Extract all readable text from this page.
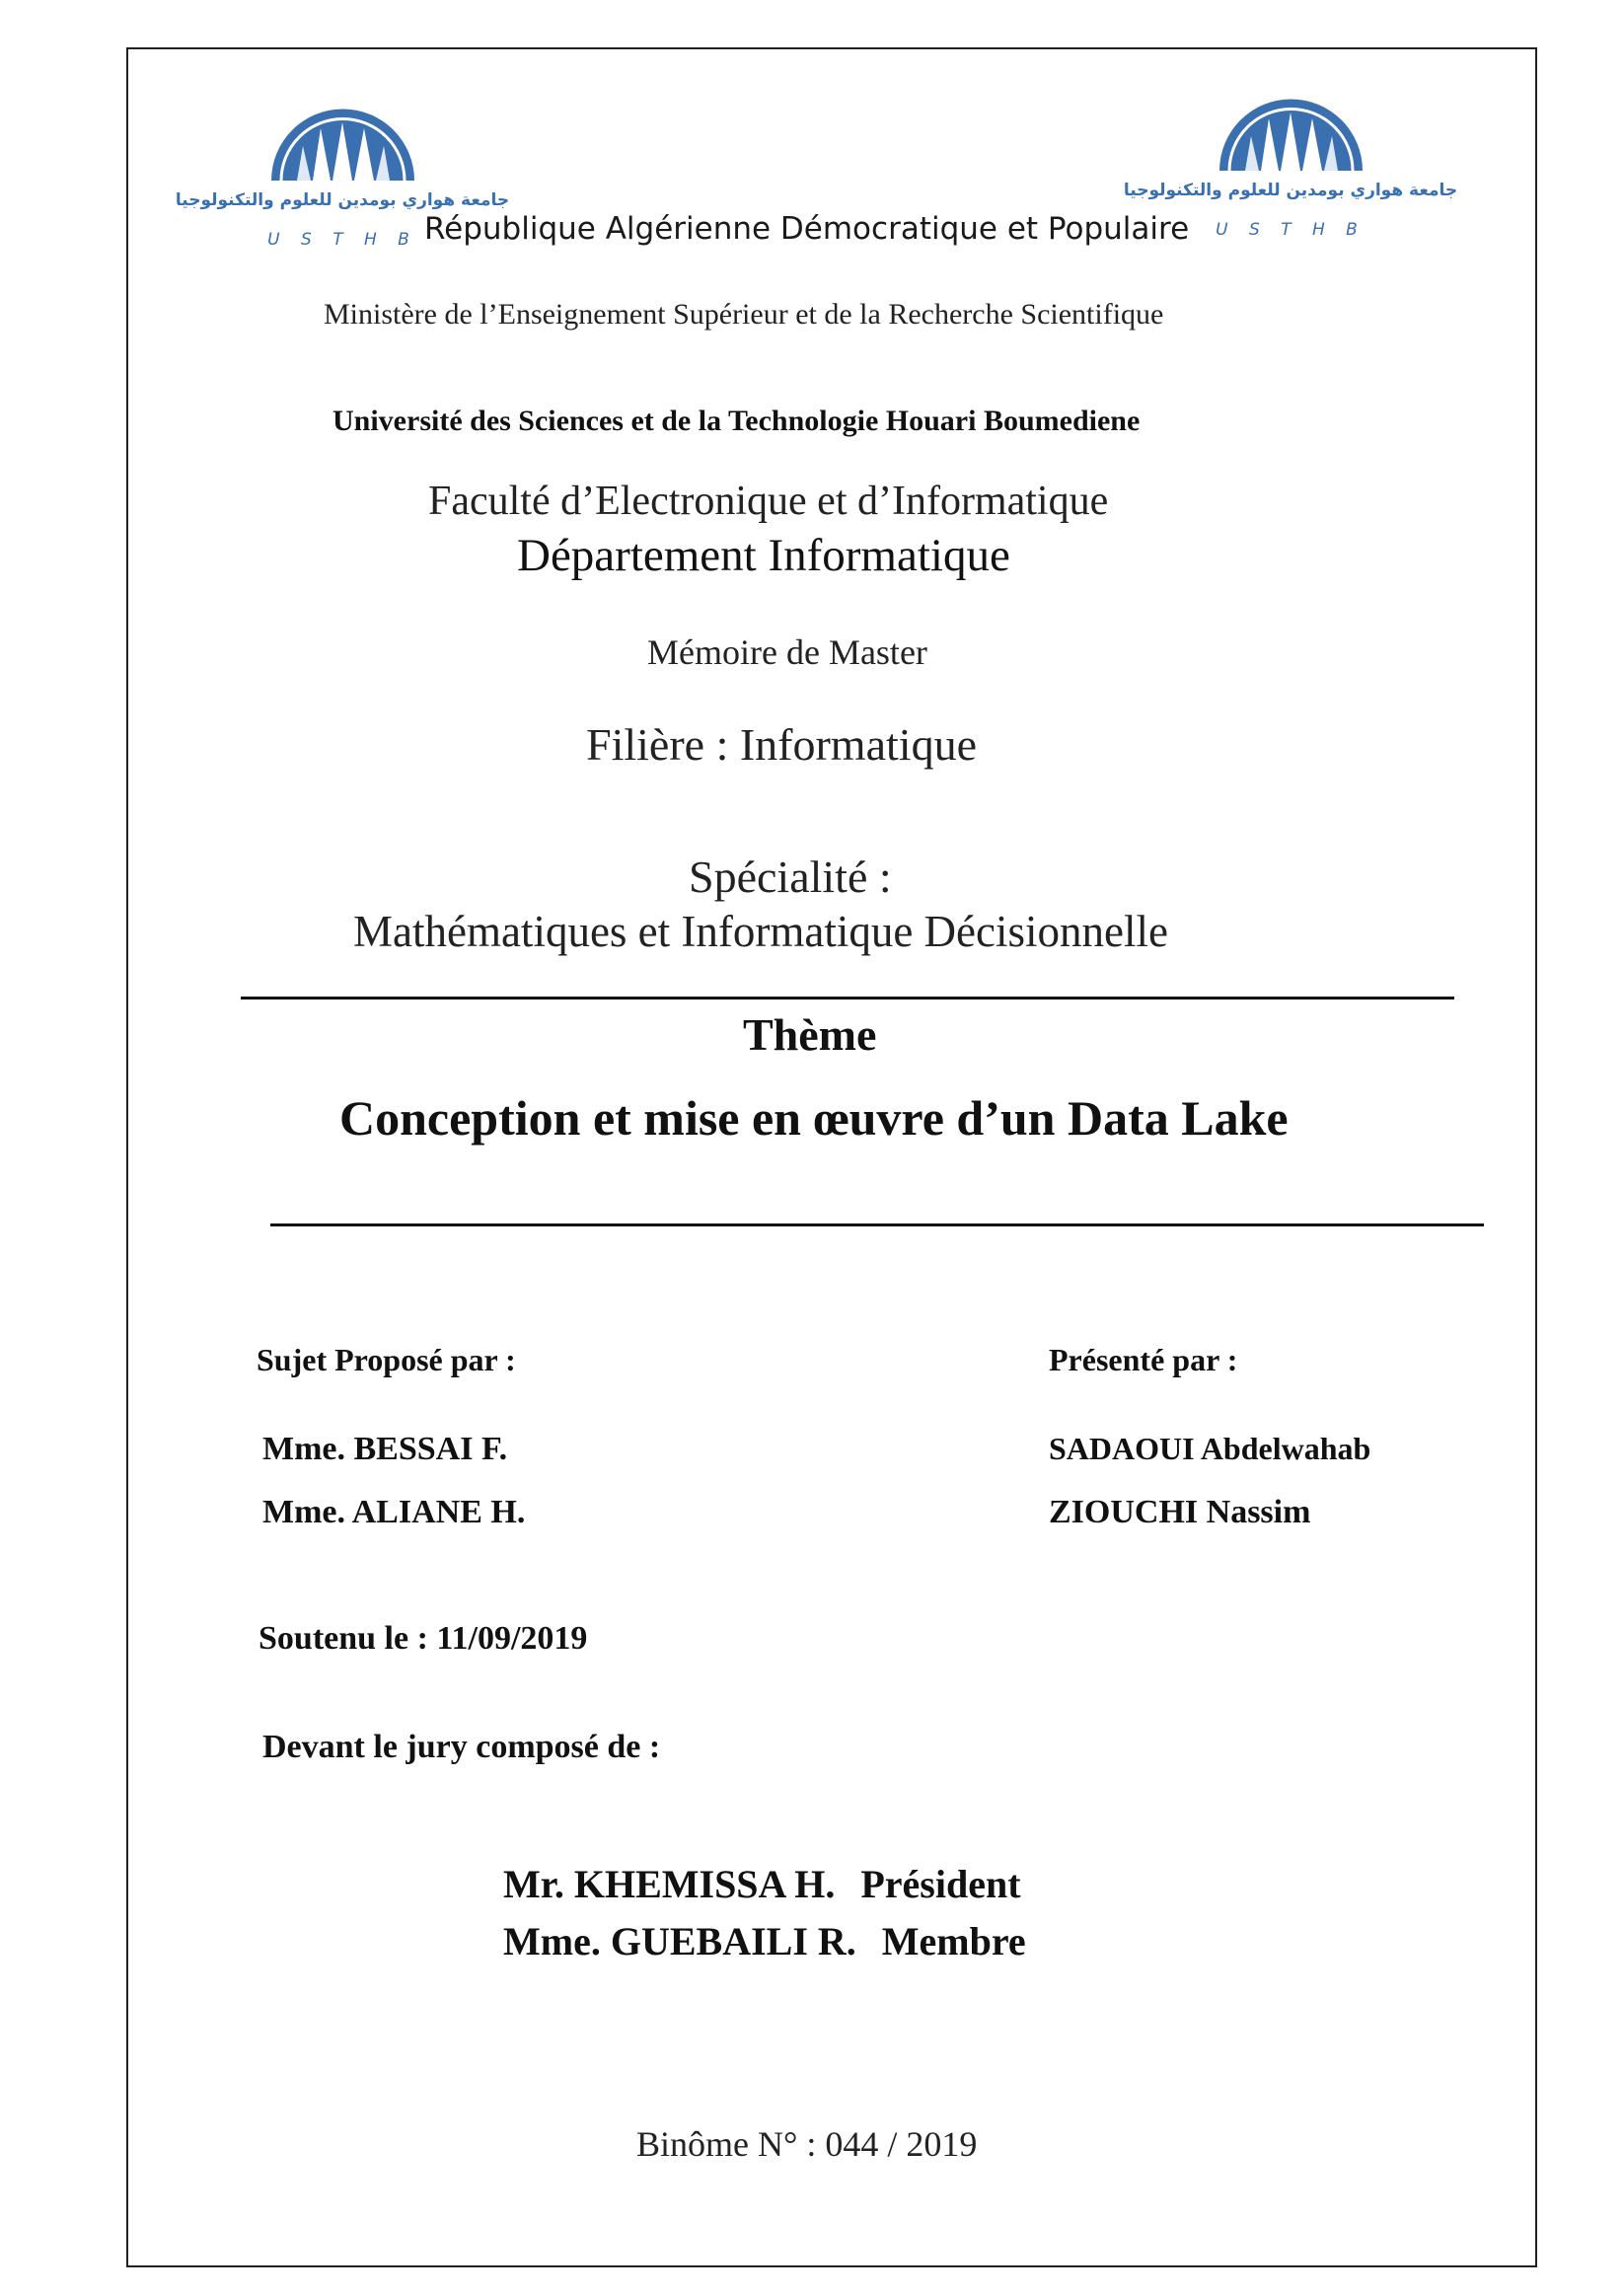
جامعة هواري بومدين للعلوم والتكنولوجيا
U S T H B
جامعة هواري بومدين للعلوم والتكنولوجيا
U S T H B
République Algérienne Démocratique et Populaire
Ministère de l’Enseignement Supérieur et de la Recherche Scientifique
Université des Sciences et de la Technologie Houari Boumediene
Faculté d’Electronique et d’Informatique
Département Informatique
Mémoire de Master
Filière : Informatique
Spécialité :
Mathématiques et Informatique Décisionnelle
Thème
Conception et mise en œuvre d’un Data Lake
Sujet Proposé par :	Présenté par :
Mme. BESSAI F.
Mme. ALIANE H.
SADAOUI Abdelwahab
ZIOUCHI Nassim
Soutenu le : 11/09/2019
Devant le jury composé de :
Mr. KHEMISSA H. Président
Mme. GUEBAILI R. Membre
Binôme N° : 044 / 2019
